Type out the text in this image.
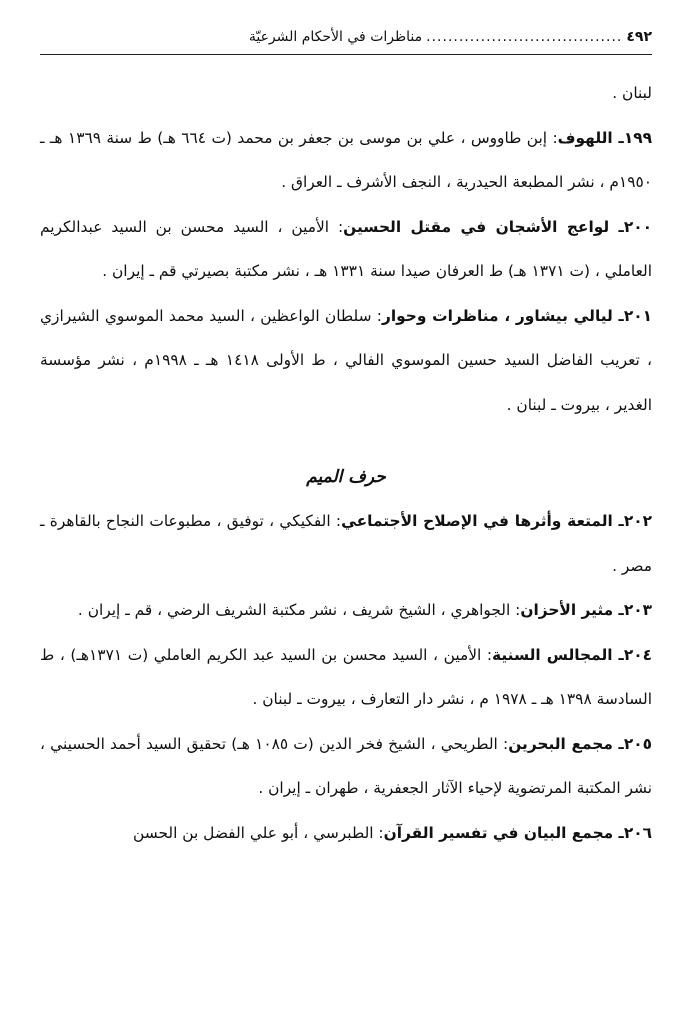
٤٩٢
....................................
مناظرات في الأحكام الشرعيّة

لبنان .

١٩٩ـ اللهوف: إبن طاووس ، علي بن موسى بن جعفر بن محمد (ت ٦٦٤ هـ) ط سنة ١٣٦٩ هـ ـ ١٩٥٠م ، نشر المطبعة الحيدرية ، النجف الأشرف ـ العراق .

٢٠٠ـ لواعج الأشجان في مقتل الحسين: الأمين ، السيد محسن بن السيد عبدالكريم العاملي ، (ت ١٣٧١ هـ) ط العرفان صيدا سنة ١٣٣١ هـ ، نشر مكتبة بصيرتي قم ـ إيران .

٢٠١ـ ليالي بيشاور ، مناظرات وحوار: سلطان الواعظين ، السيد محمد الموسوي الشيرازي ، تعريب الفاضل السيد حسين الموسوي الفالي ، ط الأولى ١٤١٨ هـ ـ ١٩٩٨م ، نشر مؤسسة الغدير ، بيروت ـ لبنان .

حرف الميم

٢٠٢ـ المتعة وأثرها في الإصلاح الأجتماعي: الفكيكي ، توفيق ، مطبوعات النجاح بالقاهرة ـ مصر .

٢٠٣ـ مثير الأحزان: الجواهري ، الشيخ شريف ، نشر مكتبة الشريف الرضي ، قم ـ إيران .

٢٠٤ـ المجالس السنية: الأمين ، السيد محسن بن السيد عبد الكريم العاملي (ت ١٣٧١هـ) ، ط السادسة ١٣٩٨ هـ ـ ١٩٧٨ م ، نشر دار التعارف ، بيروت ـ لبنان .

٢٠٥ـ مجمع البحرين: الطريحي ، الشيخ فخر الدين (ت ١٠٨٥ هـ) تحقيق السيد أحمد الحسيني ، نشر المكتبة المرتضوية لإحياء الآثار الجعفرية ، طهران ـ إيران .

٢٠٦ـ مجمع البيان في تفسير القرآن: الطبرسي ، أبو علي الفضل بن الحسن
